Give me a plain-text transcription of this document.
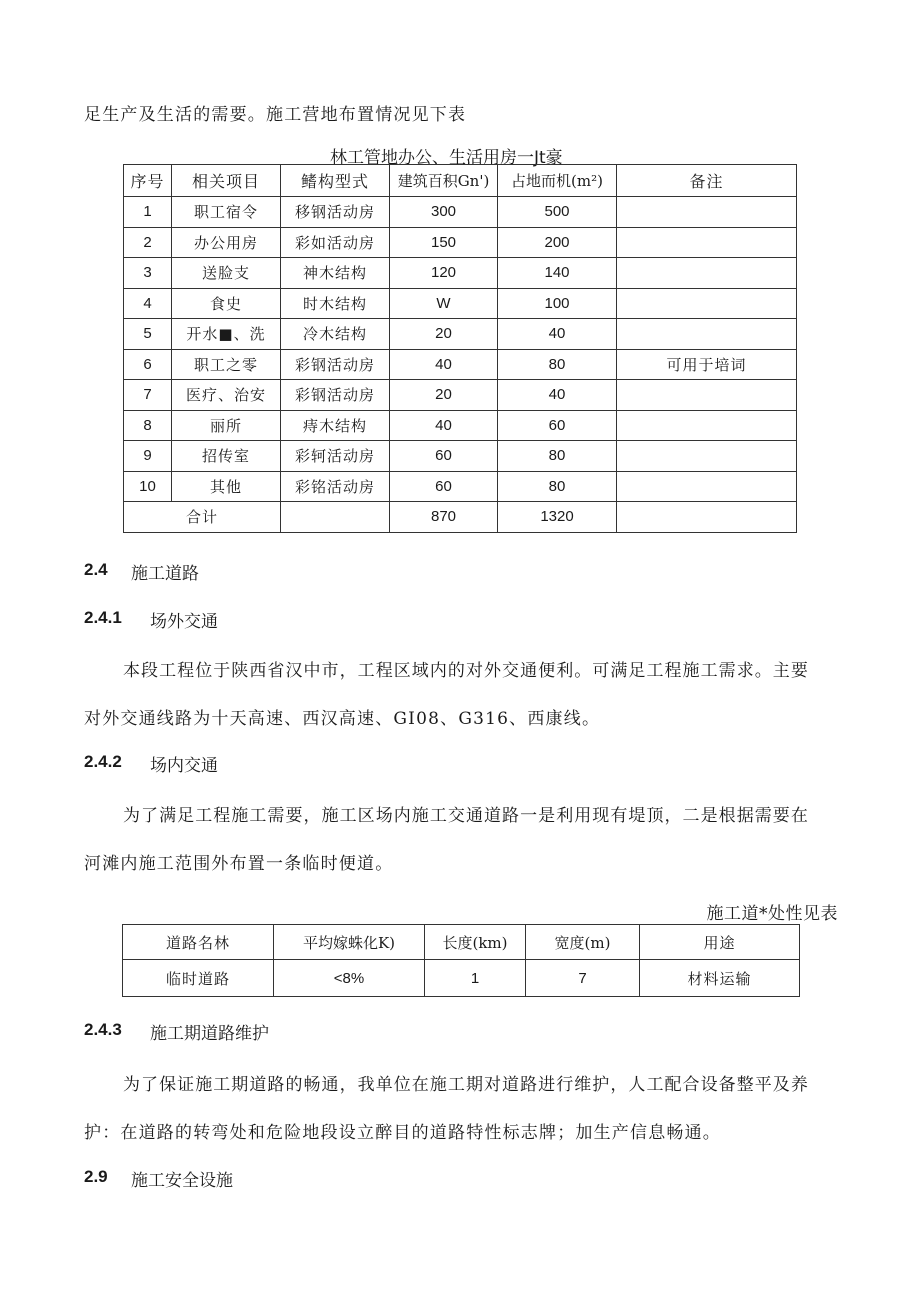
足生产及生活的需要。施工营地布置情况见下表
林工管地办公、生活用房一Jt豪
序号	相关项目	鳍构型式	建筑百积Gn')	占地而机(m²)	备注
1	职工宿令	移钢活动房	300	500	
2	办公用房	彩如活动房	150	200	
3	送脸支	神木结构	120	140	
4	食史	时木结构	W	100	
5	开水■、洗	冷木结构	20	40	
6	职工之零	彩钢活动房	40	80	可用于培词
7	医疗、治安	彩钢活动房	20	40	
8	丽所	痔木结构	40	60	
9	招传室	彩轲活动房	60	80	
10	其他	彩铭活动房	60	80	
合计			870	1320	
2.4 施工道路
2.4.1 场外交通
本段工程位于陕西省汉中市，工程区域内的对外交通便利。可满足工程施工需求。主要
对外交通线路为十天高速、西汉高速、GI08、G316、西康线。
2.4.2 场内交通
为了满足工程施工需要，施工区场内施工交通道路一是利用现有堤顶，二是根据需要在
河滩内施工范围外布置一条临时便道。
施工道*处性见表
道路名林	平均嫁蛛化K)	长度(km)	宽度(m)	用途
临时道路	<8%	1	7	材料运输
2.4.3 施工期道路维护
为了保证施工期道路的畅通，我单位在施工期对道路进行维护，人工配合设备整平及养
护：在道路的转弯处和危险地段设立醉目的道路特性标志牌；加生产信息畅通。
2.9 施工安全设施
